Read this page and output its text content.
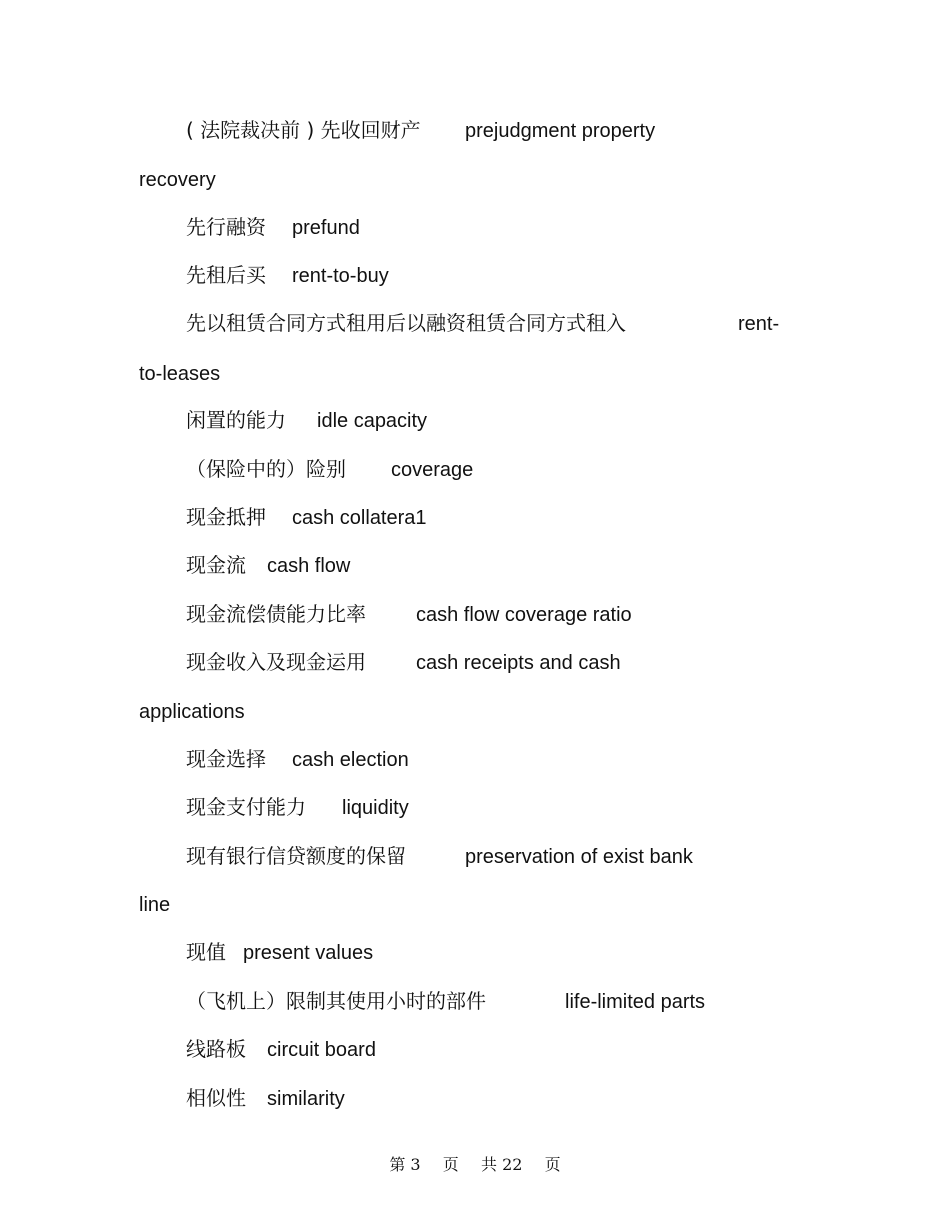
( 法院裁决前 ) 先收回财产 prejudgment property
recovery
先行融资 prefund
先租后买 rent-to-buy
先以租赁合同方式租用后以融资租赁合同方式租入	rent-
to-leases
闲置的能力 idle capacity
（保险中的）险别 coverage
现金抵押 cash collatera1
现金流 cash flow
现金流偿债能力比率	cash flow coverage ratio
现金收入及现金运用	cash receipts and cash
applications
现金选择 cash election
现金支付能力 liquidity
现有银行信贷额度的保留	preservation of exist bank
line
现值 present values
（飞机上）限制其使用小时的部件	life-limited parts
线路板 circuit board
相似性 similarity
第 3 页 共 22 页
